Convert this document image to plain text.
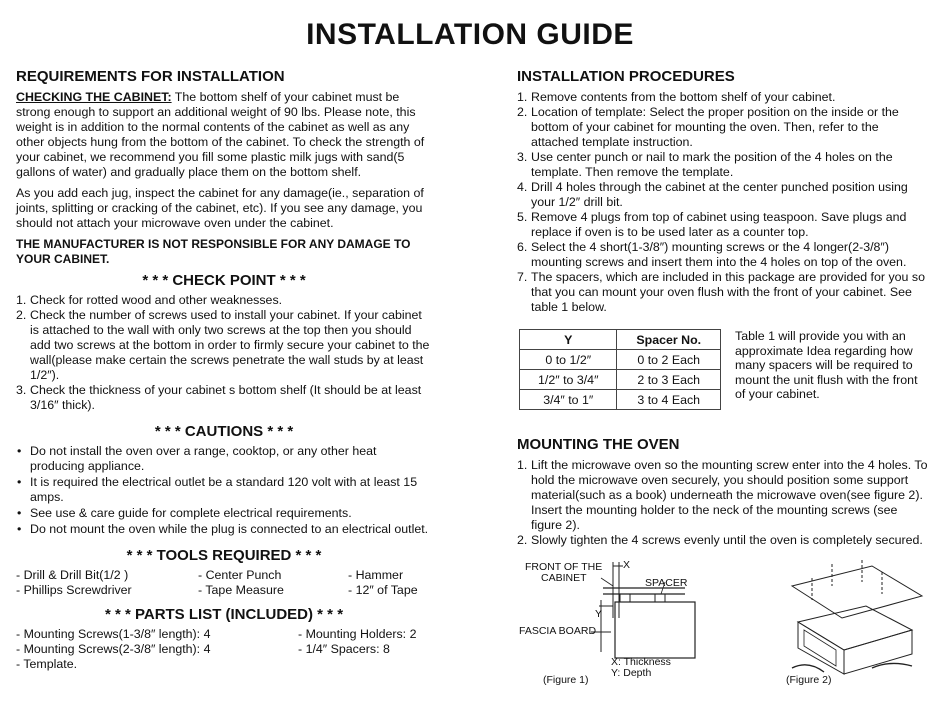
INSTALLATION GUIDE
REQUIREMENTS FOR INSTALLATION

CHECKING THE CABINET: The bottom shelf of your cabinet must be strong enough to support an additional weight of 90 lbs. Please note, this weight is in addition to the normal contents of the cabinet as well as any other objects hung from the bottom of the cabinet. To check the strength of your cabinet, we recommend you fill some plastic milk jugs with sand(5 gallons of water) and gradually place them on the bottom shelf.

As you add each jug, inspect the cabinet for any damage(ie., separation of joints, splitting or cracking of the cabinet, etc). If you see any damage, you should not attach your microwave oven under the cabinet.

THE MANUFACTURER IS NOT RESPONSIBLE FOR ANY DAMAGE TO YOUR CABINET.
* * * CHECK POINT * * *
1. Check for rotted wood and other weaknesses.
2. Check the number of screws used to install your cabinet. If your cabinet is attached to the wall with only two screws at the top then you should add two screws at the bottom in order to firmly secure your cabinet to the wall(please make certain the screws penetrate the wall studs by at least 1/2″).
3. Check the thickness of your cabinet s bottom shelf (It should be at least 3/16″ thick).
* * * CAUTIONS * * *
• Do not install the oven over a range, cooktop, or any other heat producing appliance.
• It is required the electrical outlet be a standard 120 volt with at least 15 amps.
• See use & care guide for complete electrical requirements.
• Do not mount the oven while the plug is connected to an electrical outlet.
* * * TOOLS REQUIRED * * *
- Drill & Drill Bit(1/2 )	- Center Punch	- Hammer
- Phillips Screwdriver	- Tape Measure	- 12″ of Tape
* * * PARTS LIST (INCLUDED) * * *
- Mounting Screws(1-3/8″ length): 4	- Mounting Holders: 2
- Mounting Screws(2-3/8″ length): 4	- 1/4″ Spacers: 8
- Template.
INSTALLATION PROCEDURES
1. Remove contents from the bottom shelf of your cabinet.
2. Location of template: Select the proper position on the inside or the bottom of your cabinet for mounting the oven. Then, refer to the attached template instruction.
3. Use center punch or nail to mark the position of the 4 holes on the template. Then remove the template.
4. Drill 4 holes through the cabinet at the center punched position using your 1/2″ drill bit.
5. Remove 4 plugs from top of cabinet using teaspoon. Save plugs and replace if oven is to be used later as a counter top.
6. Select the 4 short(1-3/8″) mounting screws or the 4 longer(2-3/8″) mounting screws and insert them into the 4 holes on top of the oven.
7. The spacers, which are included in this package are provided for you so that you can mount your oven flush with the front of your cabinet. See table 1 below.
Y	Spacer No.
0 to 1/2″	0 to 2 Each
1/2″ to 3/4″	2 to 3 Each
3/4″ to 1″	3 to 4 Each
Table 1 will provide you with an approximate Idea regarding how many spacers will be required to mount the unit flush with the front of your cabinet.
MOUNTING THE OVEN
1. Lift the microwave oven so the mounting screw enter into the 4 holes. To hold the microwave oven securely, you should position some support material(such as a book) underneath the microwave oven(see figure 2). Insert the mounting holder to the neck of the mounting screws (see figure 2).
2. Slowly tighten the 4 screws evenly until the oven is completely secured.
FRONT OF THE
CABINET
X
Y
SPACER
FASCIA BOARD
X: Thickness
Y: Depth
(Figure 1)	(Figure 2)
